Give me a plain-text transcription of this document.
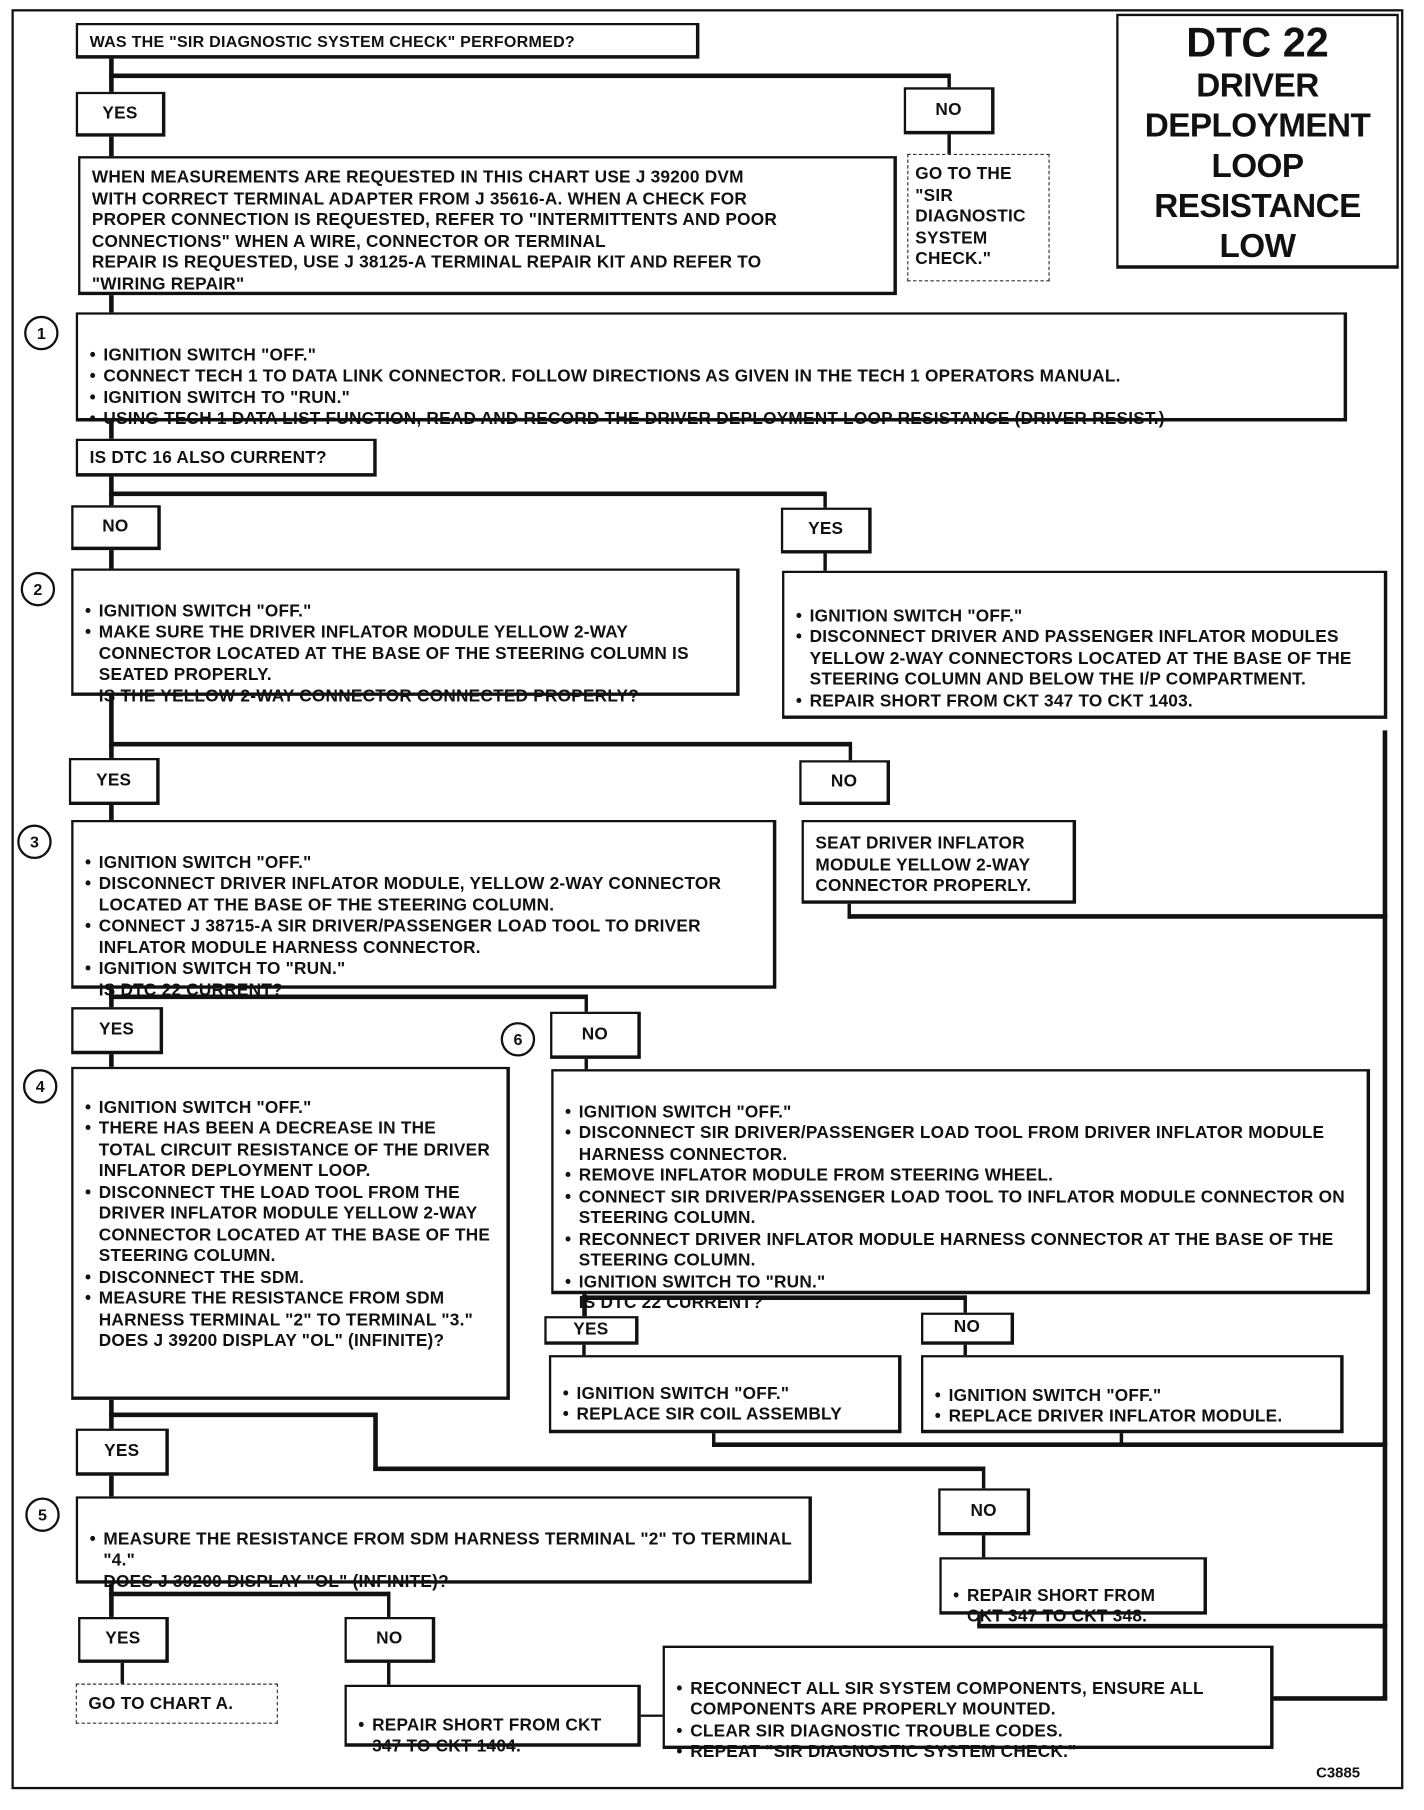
DTC 22
DRIVER
DEPLOYMENT
LOOP
RESISTANCE
LOW
WAS THE "SIR DIAGNOSTIC SYSTEM CHECK" PERFORMED?
YES	NO
WHEN MEASUREMENTS ARE REQUESTED IN THIS CHART USE J 39200 DVM
WITH CORRECT TERMINAL ADAPTER FROM J 35616-A. WHEN A CHECK FOR
PROPER CONNECTION IS REQUESTED, REFER TO "INTERMITTENTS AND POOR
CONNECTIONS" WHEN A WIRE, CONNECTOR OR TERMINAL
REPAIR IS REQUESTED, USE J 38125-A TERMINAL REPAIR KIT AND REFER TO
"WIRING REPAIR"
GO TO THE
"SIR
DIAGNOSTIC
SYSTEM
CHECK."
1

• IGNITION SWITCH "OFF."
• CONNECT TECH 1 TO DATA LINK CONNECTOR. FOLLOW DIRECTIONS AS GIVEN IN THE TECH 1 OPERATORS MANUAL.
• IGNITION SWITCH TO "RUN."
• USING TECH 1 DATA LIST FUNCTION, READ AND RECORD THE DRIVER DEPLOYMENT LOOP RESISTANCE (DRIVER RESIST.)
IS DTC 16 ALSO CURRENT?
NO	YES
2

• IGNITION SWITCH "OFF."
• MAKE SURE THE DRIVER INFLATOR MODULE YELLOW 2-WAY CONNECTOR LOCATED AT THE BASE OF THE STEERING COLUMN IS SEATED PROPERLY.
IS THE YELLOW 2-WAY CONNECTOR CONNECTED PROPERLY?

• IGNITION SWITCH "OFF."
• DISCONNECT DRIVER AND PASSENGER INFLATOR MODULES YELLOW 2-WAY CONNECTORS LOCATED AT THE BASE OF THE STEERING COLUMN AND BELOW THE I/P COMPARTMENT.
• REPAIR SHORT FROM CKT 347 TO CKT 1403.
YES	NO
3

• IGNITION SWITCH "OFF."
• DISCONNECT DRIVER INFLATOR MODULE, YELLOW 2-WAY CONNECTOR LOCATED AT THE BASE OF THE STEERING COLUMN.
• CONNECT J 38715-A SIR DRIVER/PASSENGER LOAD TOOL TO DRIVER INFLATOR MODULE HARNESS CONNECTOR.
• IGNITION SWITCH TO "RUN."
IS DTC 22 CURRENT?
SEAT DRIVER INFLATOR
MODULE YELLOW 2-WAY
CONNECTOR PROPERLY.
YES
6	NO
4

• IGNITION SWITCH "OFF."
• THERE HAS BEEN A DECREASE IN THE TOTAL CIRCUIT RESISTANCE OF THE DRIVER INFLATOR DEPLOYMENT LOOP.
• DISCONNECT THE LOAD TOOL FROM THE DRIVER INFLATOR MODULE YELLOW 2-WAY CONNECTOR LOCATED AT THE BASE OF THE STEERING COLUMN.
• DISCONNECT THE SDM.
• MEASURE THE RESISTANCE FROM SDM HARNESS TERMINAL "2" TO TERMINAL "3."
DOES J 39200 DISPLAY "OL" (INFINITE)?

• IGNITION SWITCH "OFF."
• DISCONNECT SIR DRIVER/PASSENGER LOAD TOOL FROM DRIVER INFLATOR MODULE HARNESS CONNECTOR.
• REMOVE INFLATOR MODULE FROM STEERING WHEEL.
• CONNECT SIR DRIVER/PASSENGER LOAD TOOL TO INFLATOR MODULE CONNECTOR ON STEERING COLUMN.
• RECONNECT DRIVER INFLATOR MODULE HARNESS CONNECTOR AT THE BASE OF THE STEERING COLUMN.
• IGNITION SWITCH TO "RUN."
IS DTC 22 CURRENT?
YES	NO

• IGNITION SWITCH "OFF."
• REPLACE SIR COIL ASSEMBLY

• IGNITION SWITCH "OFF."
• REPLACE DRIVER INFLATOR MODULE.
YES
NO
5

• MEASURE THE RESISTANCE FROM SDM HARNESS TERMINAL "2" TO TERMINAL "4."
DOES J 39200 DISPLAY "OL" (INFINITE)?

• REPAIR SHORT FROM CKT 347 TO CKT 348.
YES	NO
GO TO CHART A.

• REPAIR SHORT FROM CKT 347 TO CKT 1404.

• RECONNECT ALL SIR SYSTEM COMPONENTS, ENSURE ALL COMPONENTS ARE PROPERLY MOUNTED.
• CLEAR SIR DIAGNOSTIC TROUBLE CODES.
• REPEAT "SIR DIAGNOSTIC SYSTEM CHECK."
C3885
